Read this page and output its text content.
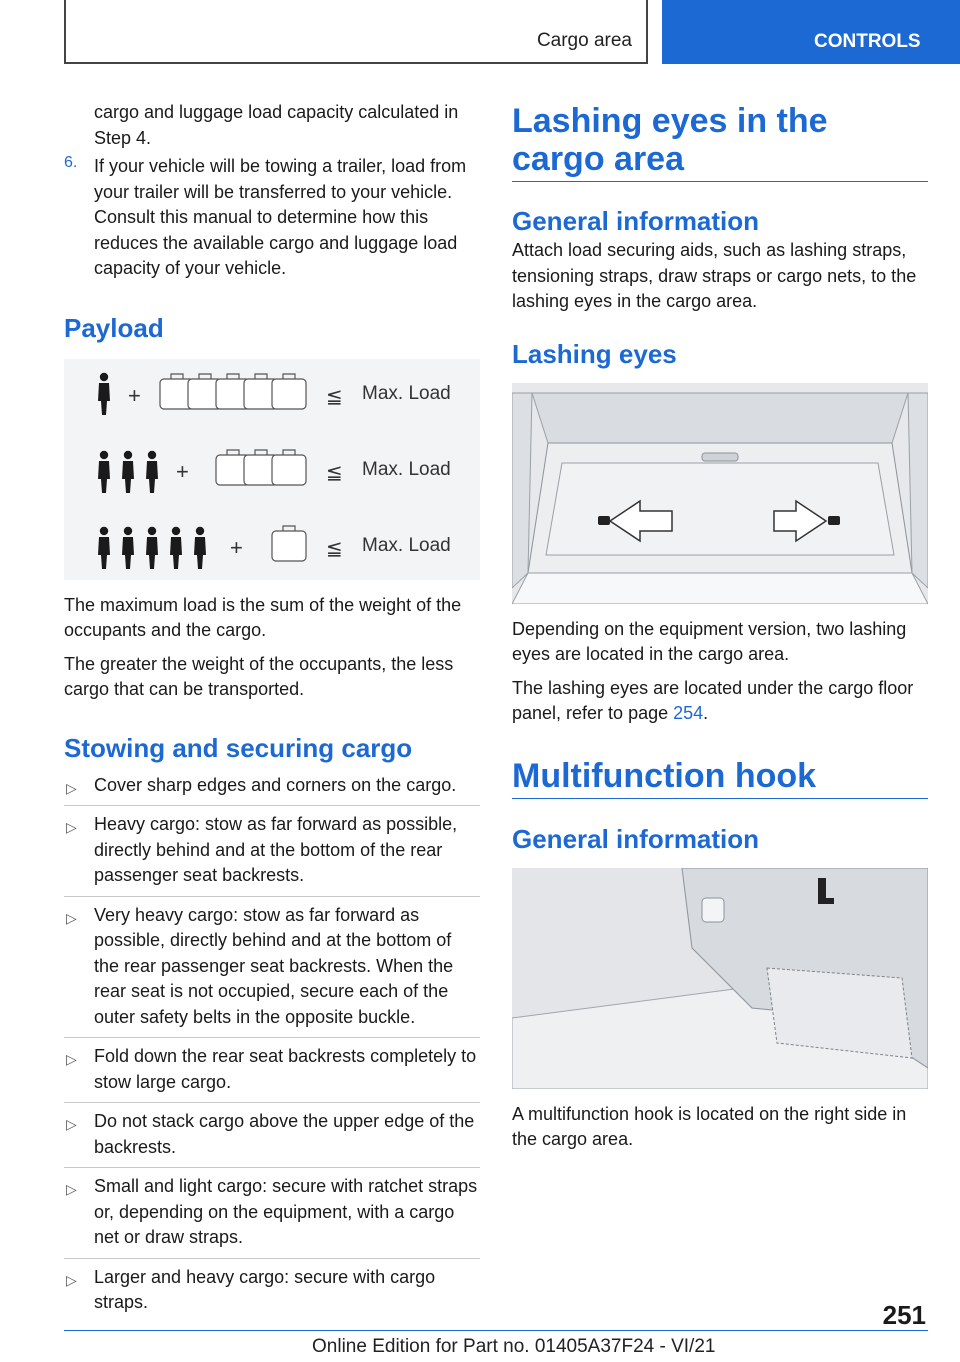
Cargo area	CONTROLS

cargo and luggage load capacity calculated in Step 4.

6. If your vehicle will be towing a trailer, load from your trailer will be transferred to your vehicle. Consult this manual to determine how this reduces the available cargo and luggage load capacity of your vehicle.

Payload
+	≦ Max. Load
+	≦ Max. Load
+	≦ Max. Load

The maximum load is the sum of the weight of the occupants and the cargo.

The greater the weight of the occupants, the less cargo that can be transported.

Stowing and securing cargo
▷ Cover sharp edges and corners on the cargo.
▷ Heavy cargo: stow as far forward as possible, directly behind and at the bottom of the rear passenger seat backrests.
▷ Very heavy cargo: stow as far forward as possible, directly behind and at the bottom of the rear passenger seat backrests. When the rear seat is not occupied, secure each of the outer safety belts in the opposite buckle.
▷ Fold down the rear seat backrests completely to stow large cargo.
▷ Do not stack cargo above the upper edge of the backrests.
▷ Small and light cargo: secure with ratchet straps or, depending on the equipment, with a cargo net or draw straps.
▷ Larger and heavy cargo: secure with cargo straps.
Lashing eyes in the cargo area
General information

Attach load securing aids, such as lashing straps, tensioning straps, draw straps or cargo nets, to the lashing eyes in the cargo area.

Lashing eyes

Depending on the equipment version, two lashing eyes are located in the cargo area.

The lashing eyes are located under the cargo floor panel, refer to page 254.

Multifunction hook
General information

A multifunction hook is located on the right side in the cargo area.

251
Online Edition for Part no. 01405A37F24 - VI/21
